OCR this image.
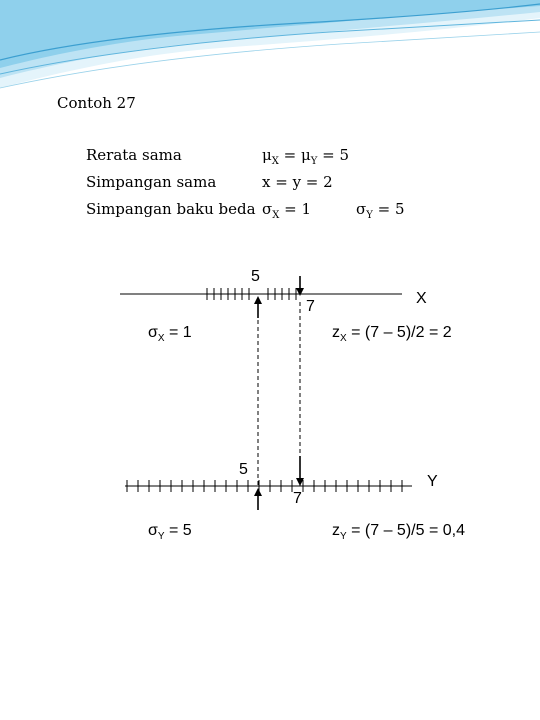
Contoh 27
Rerata sama	$\mu_X = \mu_Y = 5$
Simpangan sama	x = y = 2
Simpangan baku beda $\sigma_X = 1$	$\sigma_Y = 5$
5
7	X
$\sigma_X = 1$	$z_X = (7 - 5)/2 = 2$
5
7
Y
$\sigma_Y = 5$	$z_Y = (7 - 5)/5 = 0,4$
